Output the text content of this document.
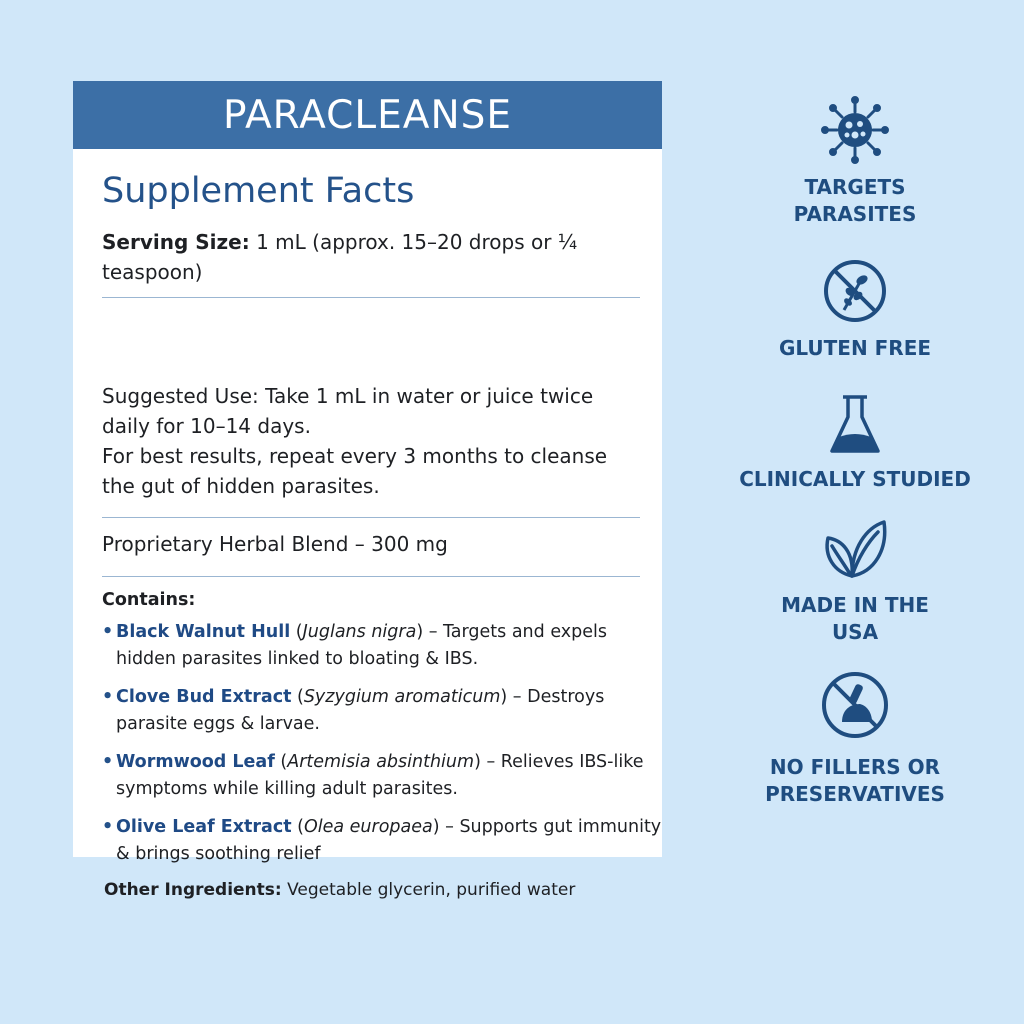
PARACLEANSE
Supplement Facts

Serving Size: 1 mL (approx. 15–20 drops or ¼ teaspoon)

Suggested Use: Take 1 mL in water or juice twice daily for 10–14 days.

For best results, repeat every 3 months to cleanse the gut of hidden parasites.

Proprietary Herbal Blend – 300 mg

Contains:

• Black Walnut Hull (Juglans nigra) – Targets and expels hidden parasites linked to bloating & IBS.
• Clove Bud Extract (Syzygium aromaticum) – Destroys parasite eggs & larvae.
• Wormwood Leaf (Artemisia absinthium) – Relieves IBS-like symptoms while killing adult parasites.
• Olive Leaf Extract (Olea europaea) – Supports gut immunity & brings soothing relief

Other Ingredients: Vegetable glycerin, purified water

TARGETS
PARASITES
GLUTEN FREE
CLINICALLY STUDIED
MADE IN THE
USA
NO FILLERS OR
PRESERVATIVES
